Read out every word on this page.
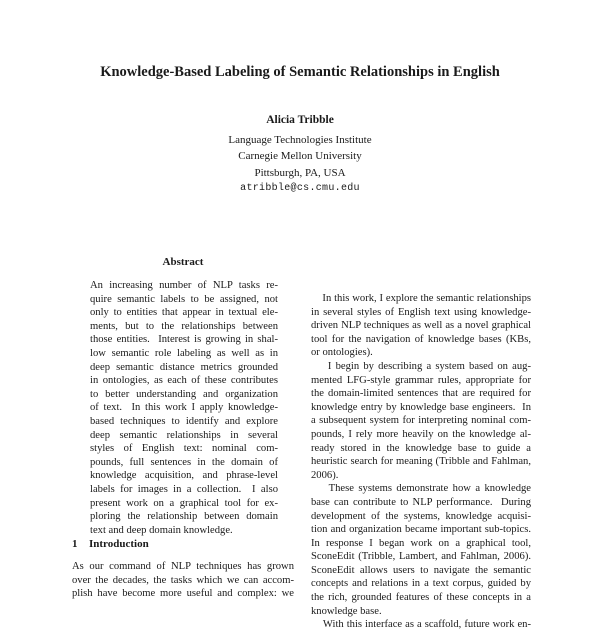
Knowledge-Based Labeling of Semantic Relationships in English
Alicia Tribble
Language Technologies Institute
Carnegie Mellon University
Pittsburgh, PA, USA
atribble@cs.cmu.edu
Abstract
An increasing number of NLP tasks re-
quire semantic labels to be assigned, not
only to entities that appear in textual ele-
ments, but to the relationships between
those entities.  Interest is growing in shal-
low semantic role labeling as well as in
deep semantic distance metrics grounded
in ontologies, as each of these contributes
to better understanding and organization
of text.  In this work I apply knowledge-
based techniques to identify and explore
deep semantic relationships in several
styles of English text: nominal com-
pounds, full sentences in the domain of
knowledge acquisition, and phrase-level
labels for images in a collection.  I also
present work on a graphical tool for ex-
ploring the relationship between domain
text and deep domain knowledge.
1 Introduction
As our command of NLP techniques has grown
over the decades, the tasks which we can accom-
plish have become more useful and complex: we
In this work, I explore the semantic relationships
in several styles of English text using knowledge-
driven NLP techniques as well as a novel graphical
tool for the navigation of knowledge bases (KBs,
or ontologies).
I begin by describing a system based on aug-
mented LFG-style grammar rules, appropriate for
the domain-limited sentences that are required for
knowledge entry by knowledge base engineers.  In
a subsequent system for interpreting nominal com-
pounds, I rely more heavily on the knowledge al-
ready stored in the knowledge base to guide a
heuristic search for meaning (Tribble and Fahlman,
2006).
These systems demonstrate how a knowledge
base can contribute to NLP performance.  During
development of the systems, knowledge acquisi-
tion and organization became important sub-topics.
In response I began work on a graphical tool,
SconeEdit (Tribble, Lambert, and Fahlman, 2006).
SconeEdit allows users to navigate the semantic
concepts and relations in a text corpus, guided by
the rich, grounded features of these concepts in a
knowledge base.
With this interface as a scaffold, future work en-
